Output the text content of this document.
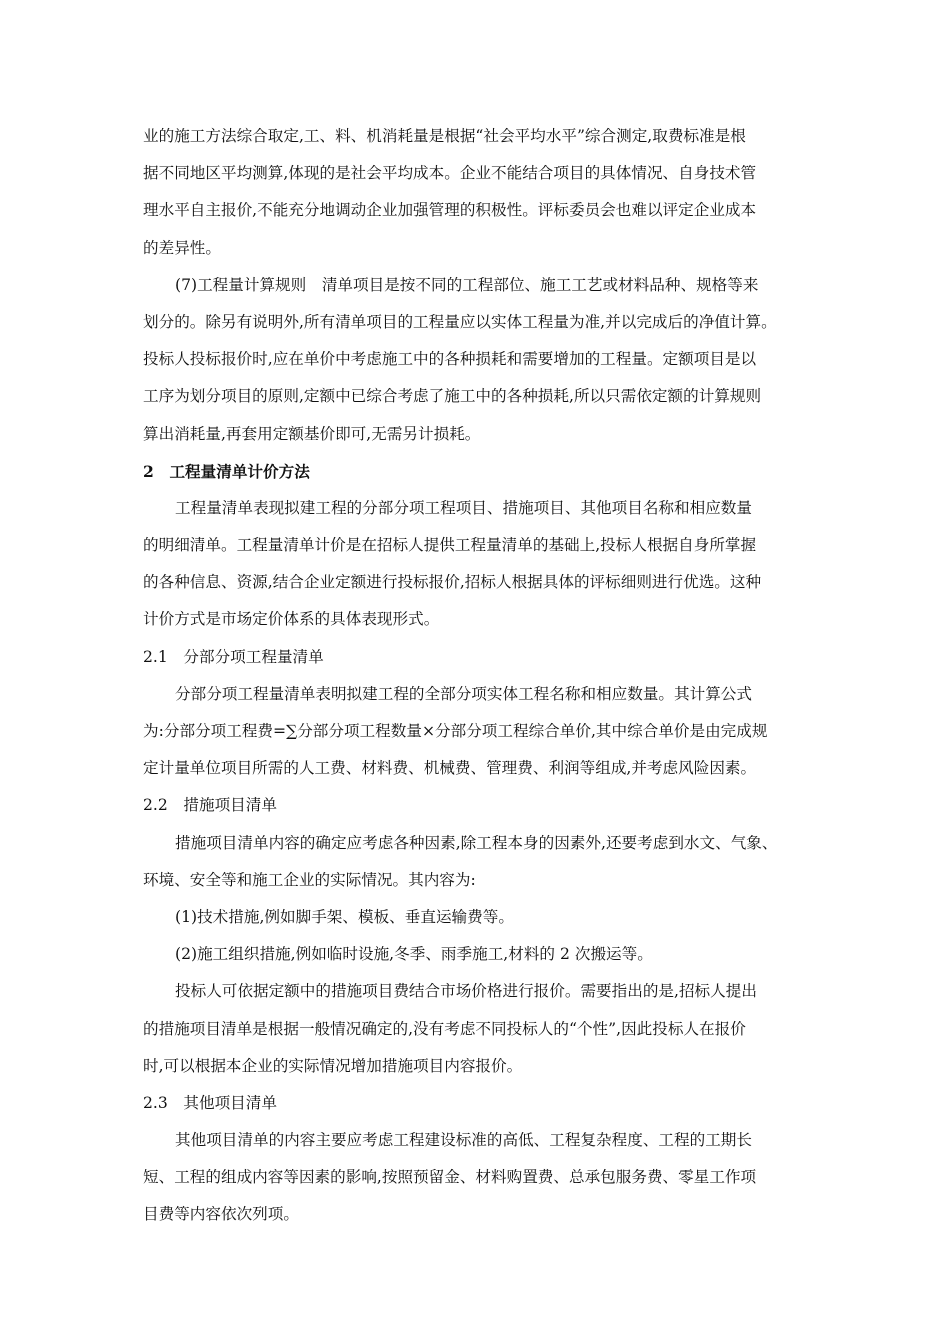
业的施工方法综合取定,工、料、机消耗量是根据“社会平均水平”综合测定,取费标准是根
据不同地区平均测算,体现的是社会平均成本。企业不能结合项目的具体情况、自身技术管
理水平自主报价,不能充分地调动企业加强管理的积极性。评标委员会也难以评定企业成本
的差异性。
(7)工程量计算规则　清单项目是按不同的工程部位、施工工艺或材料品种、规格等来
划分的。除另有说明外,所有清单项目的工程量应以实体工程量为准,并以完成后的净值计算。
投标人投标报价时,应在单价中考虑施工中的各种损耗和需要增加的工程量。定额项目是以
工序为划分项目的原则,定额中已综合考虑了施工中的各种损耗,所以只需依定额的计算规则
算出消耗量,再套用定额基价即可,无需另计损耗。
2　工程量清单计价方法
工程量清单表现拟建工程的分部分项工程项目、措施项目、其他项目名称和相应数量
的明细清单。工程量清单计价是在招标人提供工程量清单的基础上,投标人根据自身所掌握
的各种信息、资源,结合企业定额进行投标报价,招标人根据具体的评标细则进行优选。这种
计价方式是市场定价体系的具体表现形式。
2.1　分部分项工程量清单
分部分项工程量清单表明拟建工程的全部分项实体工程名称和相应数量。其计算公式
为:分部分项工程费=∑分部分项工程数量×分部分项工程综合单价,其中综合单价是由完成规
定计量单位项目所需的人工费、材料费、机械费、管理费、利润等组成,并考虑风险因素。
2.2　措施项目清单
措施项目清单内容的确定应考虑各种因素,除工程本身的因素外,还要考虑到水文、气象、
环境、安全等和施工企业的实际情况。其内容为:
(1)技术措施,例如脚手架、模板、垂直运输费等。
(2)施工组织措施,例如临时设施,冬季、雨季施工,材料的 2 次搬运等。
投标人可依据定额中的措施项目费结合市场价格进行报价。需要指出的是,招标人提出
的措施项目清单是根据一般情况确定的,没有考虑不同投标人的“个性”,因此投标人在报价
时,可以根据本企业的实际情况增加措施项目内容报价。
2.3　其他项目清单
其他项目清单的内容主要应考虑工程建设标准的高低、工程复杂程度、工程的工期长
短、工程的组成内容等因素的影响,按照预留金、材料购置费、总承包服务费、零星工作项
目费等内容依次列项。
